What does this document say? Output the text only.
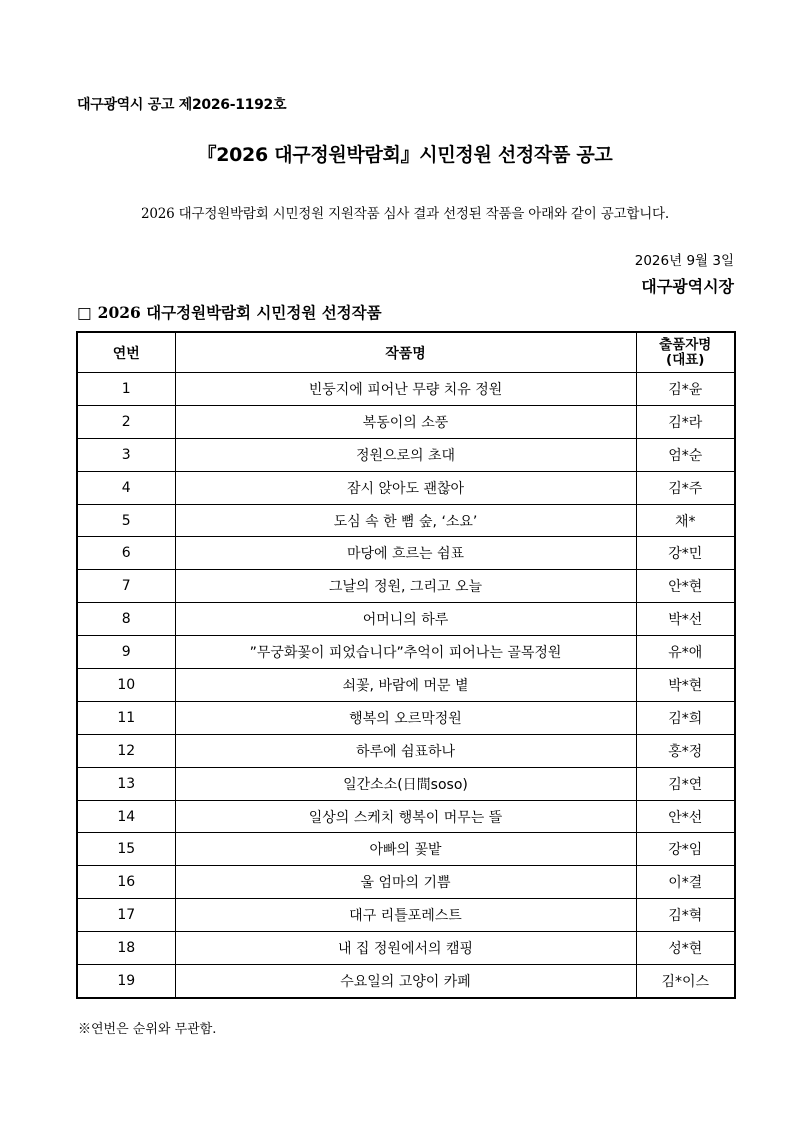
대구광역시 공고 제2026-1192호
『2026 대구정원박람회』시민정원 선정작품 공고
2026 대구정원박람회 시민정원 지원작품 심사 결과 선정된 작품을 아래와 같이 공고합니다.
2026년 9월 3일
대구광역시장
□ 2026 대구정원박람회 시민정원 선정작품
연번	작품명	출품자명
(대표)
1	빈둥지에 피어난 무량 치유 정원	김*윤
2	복동이의 소풍	김*라
3	정원으로의 초대	엄*순
4	잠시 앉아도 괜찮아	김*주
5	도심 속 한 뼘 숲, ‘소요’	채*
6	마당에 흐르는 쉼표	강*민
7	그날의 정원, 그리고 오늘	안*현
8	어머니의 하루	박*선
9	”무궁화꽃이 피었습니다”추억이 피어나는 골목정원	유*애
10	쇠꽃, 바람에 머문 볕	박*현
11	행복의 오르막정원	김*희
12	하루에 쉼표하나	홍*정
13	일간소소(日間soso)	김*연
14	일상의 스케치 행복이 머무는 뜰	안*선
15	아빠의 꽃밭	강*임
16	울 엄마의 기쁨	이*결
17	대구 리틀포레스트	김*혁
18	내 집 정원에서의 캠핑	성*현
19	수요일의 고양이 카페	김*이스
※연번은 순위와 무관함.
